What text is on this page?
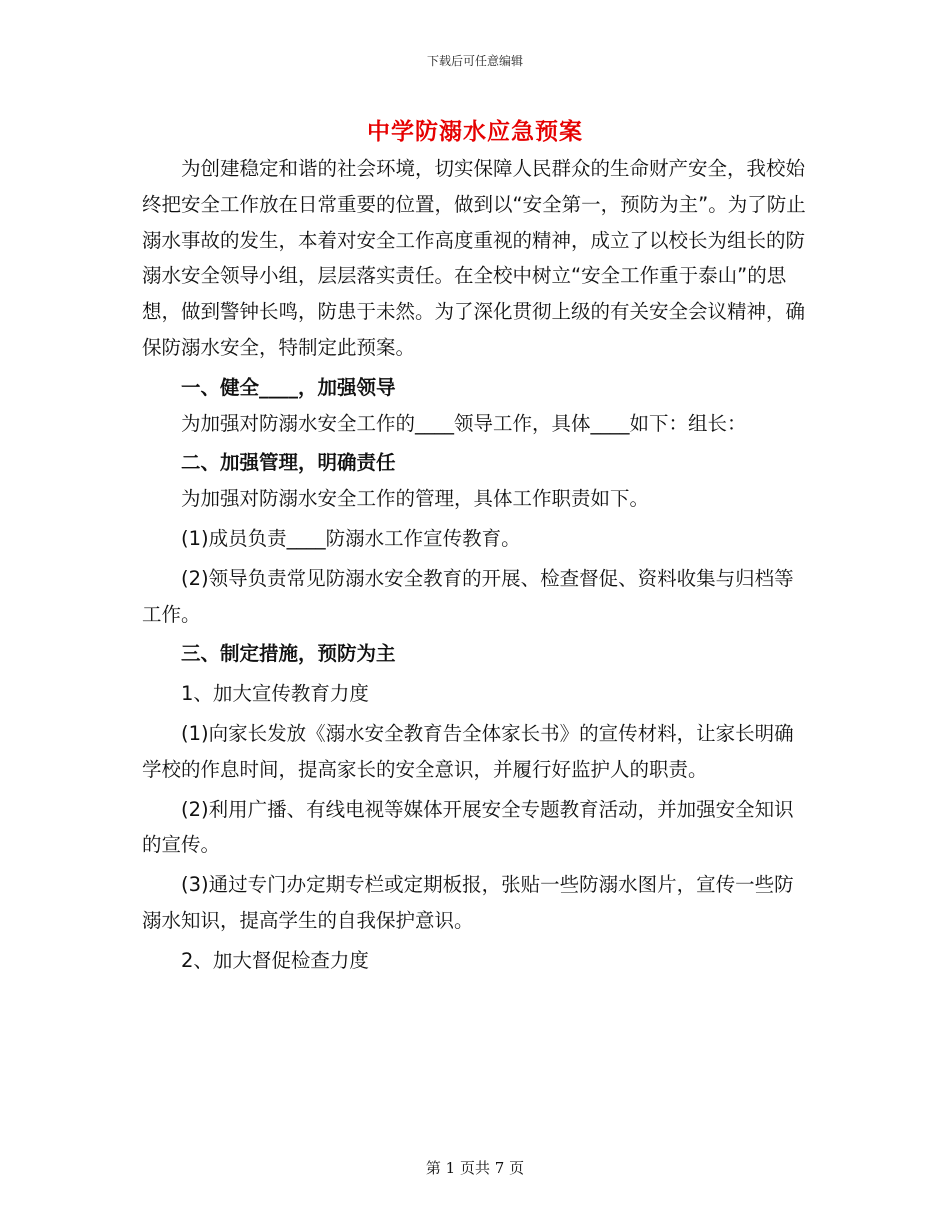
下载后可任意编辑
中学防溺水应急预案

为创建稳定和谐的社会环境，切实保障人民群众的生命财产安全，我校始终把安全工作放在日常重要的位置，做到以“安全第一，预防为主”。为了防止溺水事故的发生，本着对安全工作高度重视的精神，成立了以校长为组长的防溺水安全领导小组，层层落实责任。在全校中树立“安全工作重于泰山”的思想，做到警钟长鸣，防患于未然。为了深化贯彻上级的有关安全会议精神，确保防溺水安全，特制定此预案。

一、健全____，加强领导

为加强对防溺水安全工作的____领导工作，具体____如下：组长：

二、加强管理，明确责任

为加强对防溺水安全工作的管理，具体工作职责如下。

(1)成员负责____防溺水工作宣传教育。

(2)领导负责常见防溺水安全教育的开展、检查督促、资料收集与归档等工作。

三、制定措施，预防为主

1、加大宣传教育力度

(1)向家长发放《溺水安全教育告全体家长书》的宣传材料，让家长明确学校的作息时间，提高家长的安全意识，并履行好监护人的职责。

(2)利用广播、有线电视等媒体开展安全专题教育活动，并加强安全知识的宣传。

(3)通过专门办定期专栏或定期板报，张贴一些防溺水图片，宣传一些防溺水知识，提高学生的自我保护意识。

2、加大督促检查力度

第 1 页共 7 页
